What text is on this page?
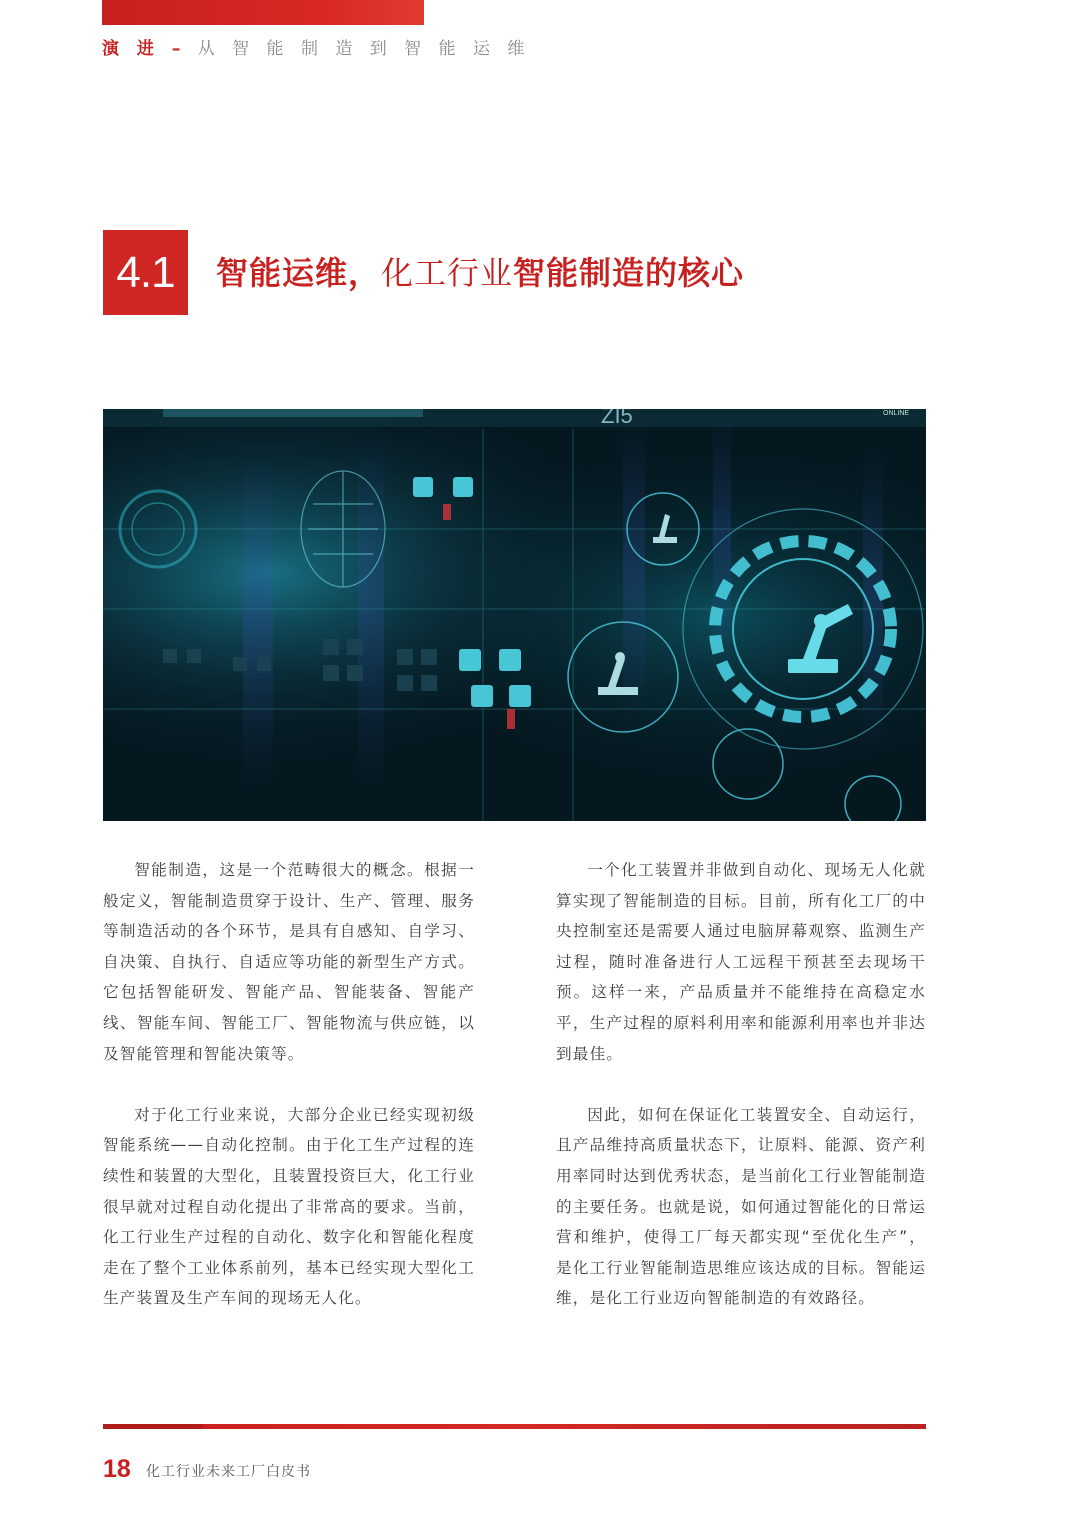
演 进 – 从 智 能 制 造 到 智 能 运 维
4.1 智能运维，化工行业智能制造的核心
ZI5	ONLINE

智能制造，这是一个范畴很大的概念。根据一般定义，智能制造贯穿于设计、生产、管理、服务等制造活动的各个环节，是具有自感知、自学习、自决策、自执行、自适应等功能的新型生产方式。它包括智能研发、智能产品、智能装备、智能产线、智能车间、智能工厂、智能物流与供应链，以及智能管理和智能决策等。

对于化工行业来说，大部分企业已经实现初级智能系统——自动化控制。由于化工生产过程的连续性和装置的大型化，且装置投资巨大，化工行业很早就对过程自动化提出了非常高的要求。当前，化工行业生产过程的自动化、数字化和智能化程度走在了整个工业体系前列，基本已经实现大型化工生产装置及生产车间的现场无人化。

一个化工装置并非做到自动化、现场无人化就算实现了智能制造的目标。目前，所有化工厂的中央控制室还是需要人通过电脑屏幕观察、监测生产过程，随时准备进行人工远程干预甚至去现场干预。这样一来，产品质量并不能维持在高稳定水平，生产过程的原料利用率和能源利用率也并非达到最佳。

因此，如何在保证化工装置安全、自动运行，且产品维持高质量状态下，让原料、能源、资产利用率同时达到优秀状态，是当前化工行业智能制造的主要任务。也就是说，如何通过智能化的日常运营和维护，使得工厂每天都实现“至优化生产”，是化工行业智能制造思维应该达成的目标。智能运维，是化工行业迈向智能制造的有效路径。

18 化工行业未来工厂白皮书
